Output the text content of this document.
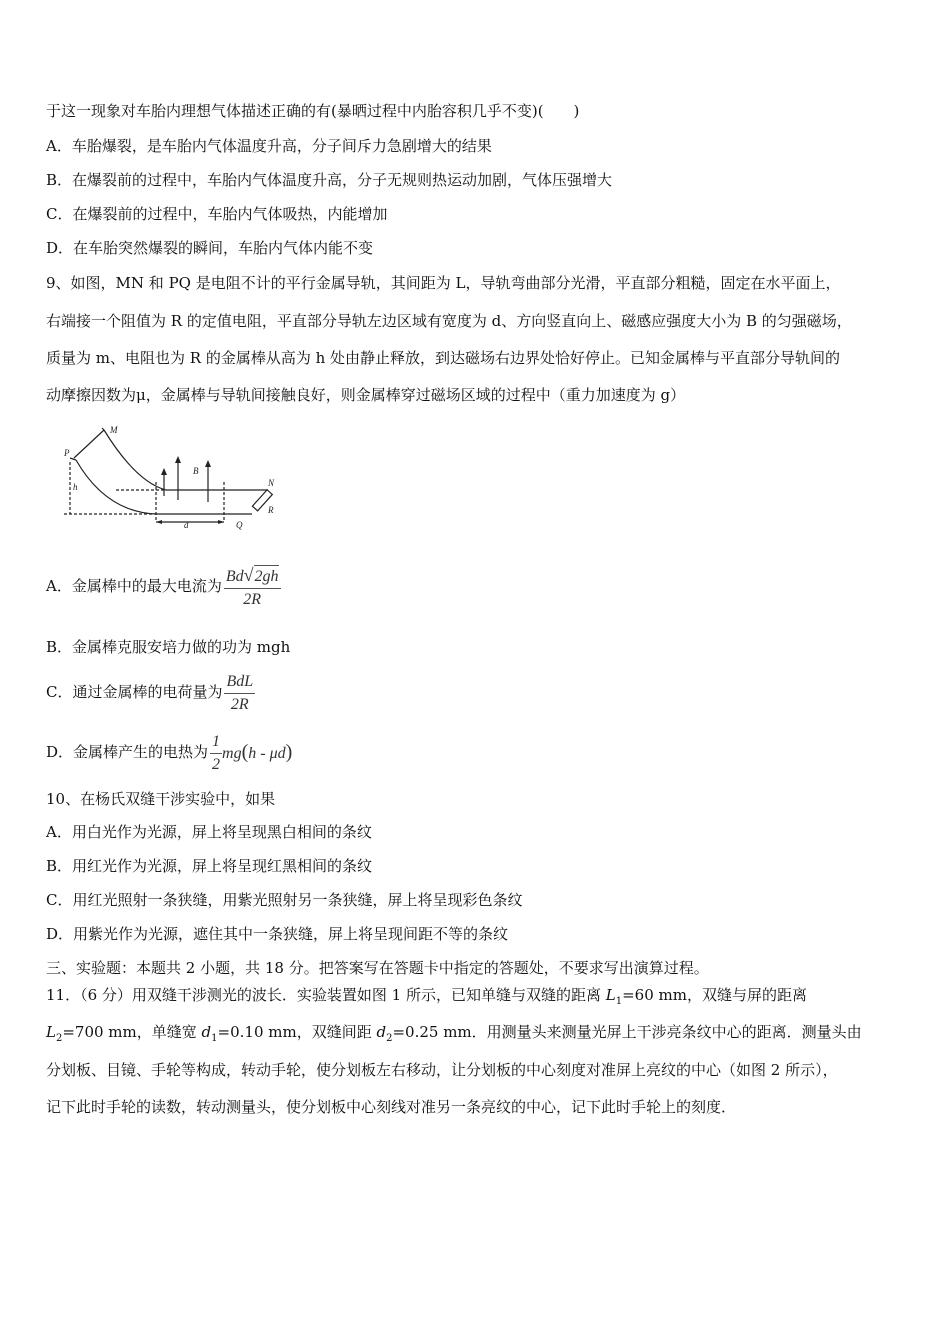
于这一现象对车胎内理想气体描述正确的有(暴晒过程中内胎容积几乎不变)(　　)
A．车胎爆裂，是车胎内气体温度升高，分子间斥力急剧增大的结果
B．在爆裂前的过程中，车胎内气体温度升高，分子无规则热运动加剧，气体压强增大
C．在爆裂前的过程中，车胎内气体吸热，内能增加
D．在车胎突然爆裂的瞬间，车胎内气体内能不变
9、如图，MN 和 PQ 是电阻不计的平行金属导轨，其间距为 L，导轨弯曲部分光滑，平直部分粗糙，固定在水平面上，
右端接一个阻值为 R 的定值电阻，平直部分导轨左边区域有宽度为 d、方向竖直向上、磁感应强度大小为 B 的匀强磁场，
质量为 m、电阻也为 R 的金属棒从高为 h 处由静止释放，到达磁场右边界处恰好停止。已知金属棒与平直部分导轨间的
动摩擦因数为μ，金属棒与导轨间接触良好，则金属棒穿过磁场区域的过程中（重力加速度为 g）
M
P
h
B
d
N
Q
R
A．金属棒中的最大电流为 $\frac{Bd√2gh}{2R}$
B．金属棒克服安培力做的功为 mgh
C．通过金属棒的电荷量为 $\frac{\text{BdL}}{2R}$
D．金属棒产生的电热为 $\frac{1}{2} mg(h - \mu d)$
10、在杨氏双缝干涉实验中，如果
A．用白光作为光源，屏上将呈现黑白相间的条纹
B．用红光作为光源，屏上将呈现红黑相间的条纹
C．用红光照射一条狭缝，用紫光照射另一条狭缝，屏上将呈现彩色条纹
D．用紫光作为光源，遮住其中一条狭缝，屏上将呈现间距不等的条纹
三、实验题：本题共 2 小题，共 18 分。把答案写在答题卡中指定的答题处，不要求写出演算过程。
11．（6 分）用双缝干涉测光的波长．实验装置如图 1 所示，已知单缝与双缝的距离 $L_1=60$ mm，双缝与屏的距离
$L_2=700$ mm，单缝宽 $d_1=0.10$ mm，双缝间距 $d_2=0.25$ mm．用测量头来测量光屏上干涉亮条纹中心的距离．测量头由
分划板、目镜、手轮等构成，转动手轮，使分划板左右移动，让分划板的中心刻度对准屏上亮纹的中心（如图 2 所示），
记下此时手轮的读数，转动测量头，使分划板中心刻线对准另一条亮纹的中心，记下此时手轮上的刻度．
